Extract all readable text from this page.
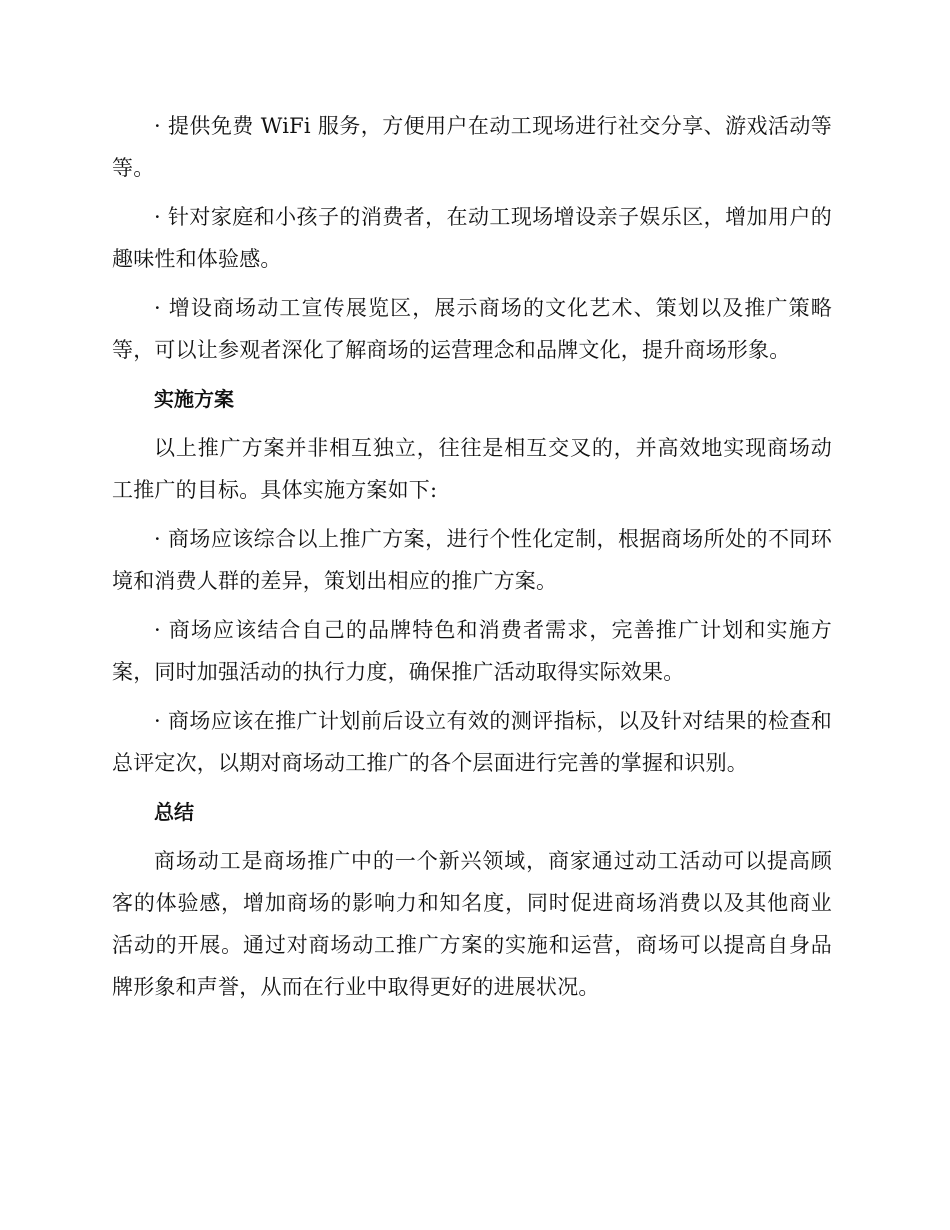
· 提供免费 WiFi 服务，方便用户在动工现场进行社交分享、游戏活动等等。

· 针对家庭和小孩子的消费者，在动工现场增设亲子娱乐区，增加用户的趣味性和体验感。

· 增设商场动工宣传展览区，展示商场的文化艺术、策划以及推广策略等，可以让参观者深化了解商场的运营理念和品牌文化，提升商场形象。

实施方案

以上推广方案并非相互独立，往往是相互交叉的，并高效地实现商场动工推广的目标。具体实施方案如下:

· 商场应该综合以上推广方案，进行个性化定制，根据商场所处的不同环境和消费人群的差异，策划出相应的推广方案。

· 商场应该结合自己的品牌特色和消费者需求，完善推广计划和实施方案，同时加强活动的执行力度，确保推广活动取得实际效果。

· 商场应该在推广计划前后设立有效的测评指标，以及针对结果的检查和总评定次，以期对商场动工推广的各个层面进行完善的掌握和识别。

总结

商场动工是商场推广中的一个新兴领域，商家通过动工活动可以提高顾客的体验感，增加商场的影响力和知名度，同时促进商场消费以及其他商业活动的开展。通过对商场动工推广方案的实施和运营，商场可以提高自身品牌形象和声誉，从而在行业中取得更好的进展状况。
